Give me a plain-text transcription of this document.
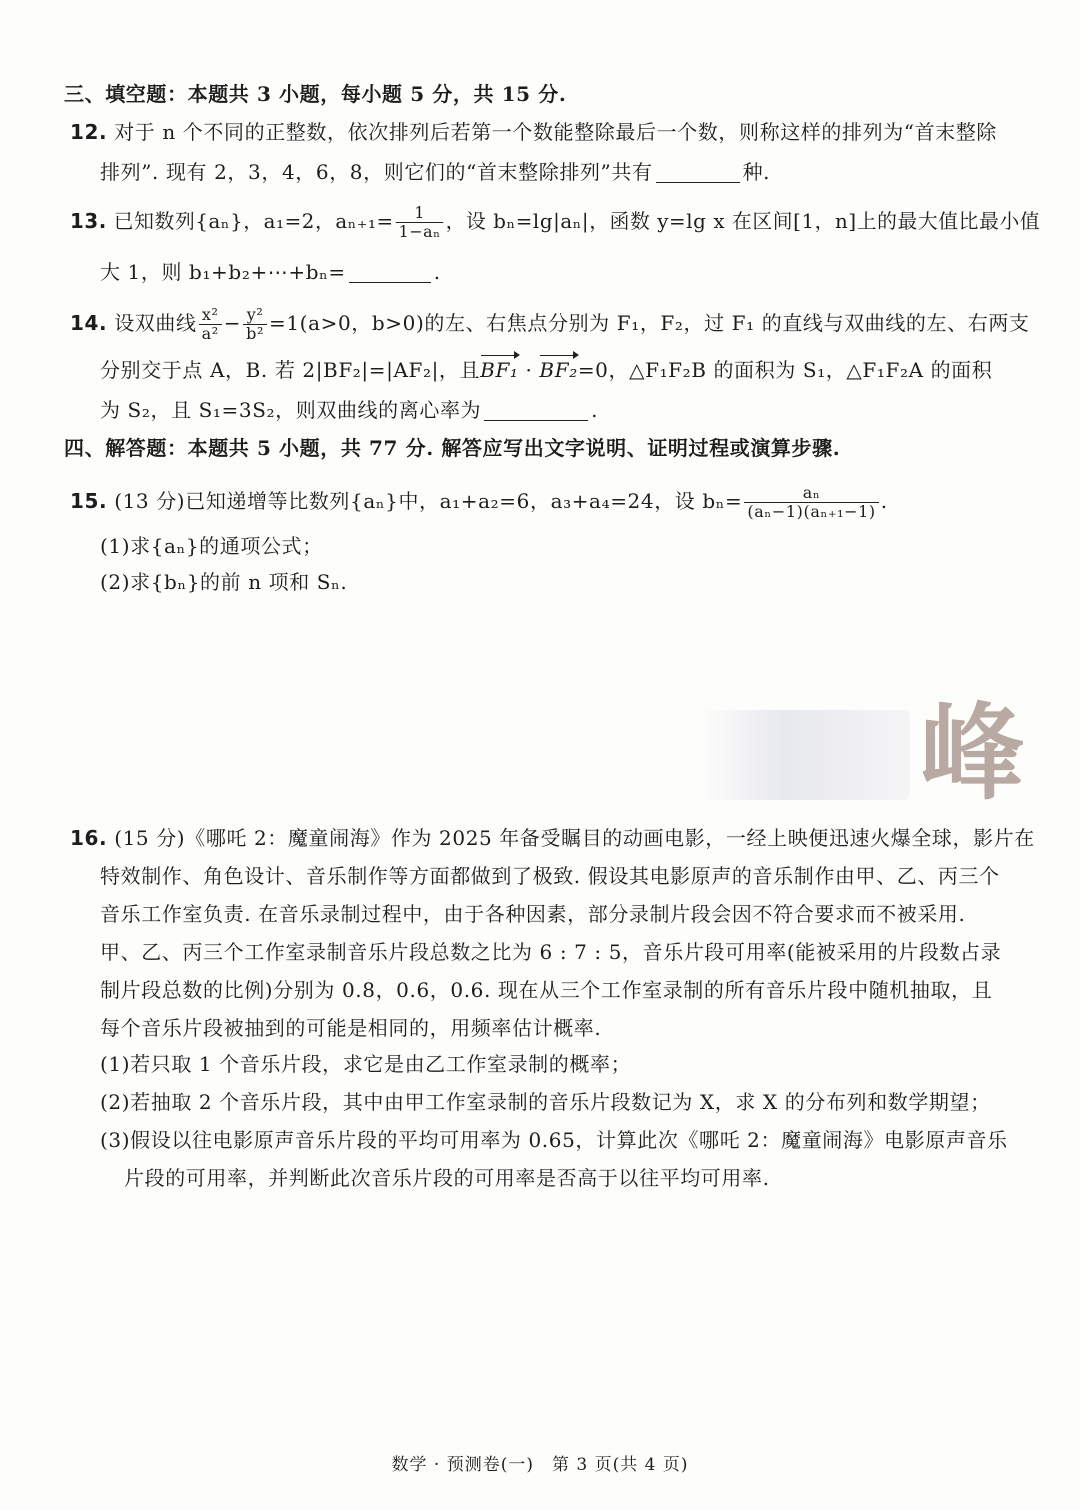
三、填空题：本题共 3 小题，每小题 5 分，共 15 分.
12. 对于 n 个不同的正整数，依次排列后若第一个数能整除最后一个数，则称这样的排列为“首末整除
排列”. 现有 2，3，4，6，8，则它们的“首末整除排列”共有	种.
13. 已知数列{aₙ}，a₁=2，$a_{n+1}= \frac{1}{\text{1−aₙ}}$ ，设 bₙ=lg|aₙ|，函数 y=lg x 在区间[1，n]上的最大值比最小值
大 1，则 b₁+b₂+⋯+bₙ=	.
14. 设双曲线 $\frac{\text{x²}}{\text{a²}} - \frac{\text{y²}}{\text{b²}} =1(a>0$，b>0)的左、右焦点分别为 F₁，F₂，过 F₁ 的直线与双曲线的左、右两支
分别交于点 A，B. 若 2|BF₂|=|AF₂|，且BF₁ · BF₂=0，△F₁F₂B 的面积为 S₁，△F₁F₂A 的面积
为 S₂，且 S₁=3S₂，则双曲线的离心率为	.
四、解答题：本题共 5 小题，共 77 分. 解答应写出文字说明、证明过程或演算步骤.
15. (13 分)已知递增等比数列{aₙ}中，a₁+a₂=6，a₃+a₄=24，设 $b_n= \frac{\text{aₙ}}{\text{(aₙ−1)(aₙ₊₁−1)}}$ .
(1)求{aₙ}的通项公式；
(2)求{bₙ}的前 n 项和 Sₙ.
峰
16. (15 分)《哪吒 2：魔童闹海》作为 2025 年备受瞩目的动画电影，一经上映便迅速火爆全球，影片在
特效制作、角色设计、音乐制作等方面都做到了极致. 假设其电影原声的音乐制作由甲、乙、丙三个
音乐工作室负责. 在音乐录制过程中，由于各种因素，部分录制片段会因不符合要求而不被采用.
甲、乙、丙三个工作室录制音乐片段总数之比为 6 : 7 : 5，音乐片段可用率(能被采用的片段数占录
制片段总数的比例)分别为 0.8，0.6，0.6. 现在从三个工作室录制的所有音乐片段中随机抽取，且
每个音乐片段被抽到的可能是相同的，用频率估计概率.
(1)若只取 1 个音乐片段，求它是由乙工作室录制的概率；
(2)若抽取 2 个音乐片段，其中由甲工作室录制的音乐片段数记为 X，求 X 的分布列和数学期望；
(3)假设以往电影原声音乐片段的平均可用率为 0.65，计算此次《哪吒 2：魔童闹海》电影原声音乐
片段的可用率，并判断此次音乐片段的可用率是否高于以往平均可用率.
数学 · 预测卷(一)　第 3 页(共 4 页)
